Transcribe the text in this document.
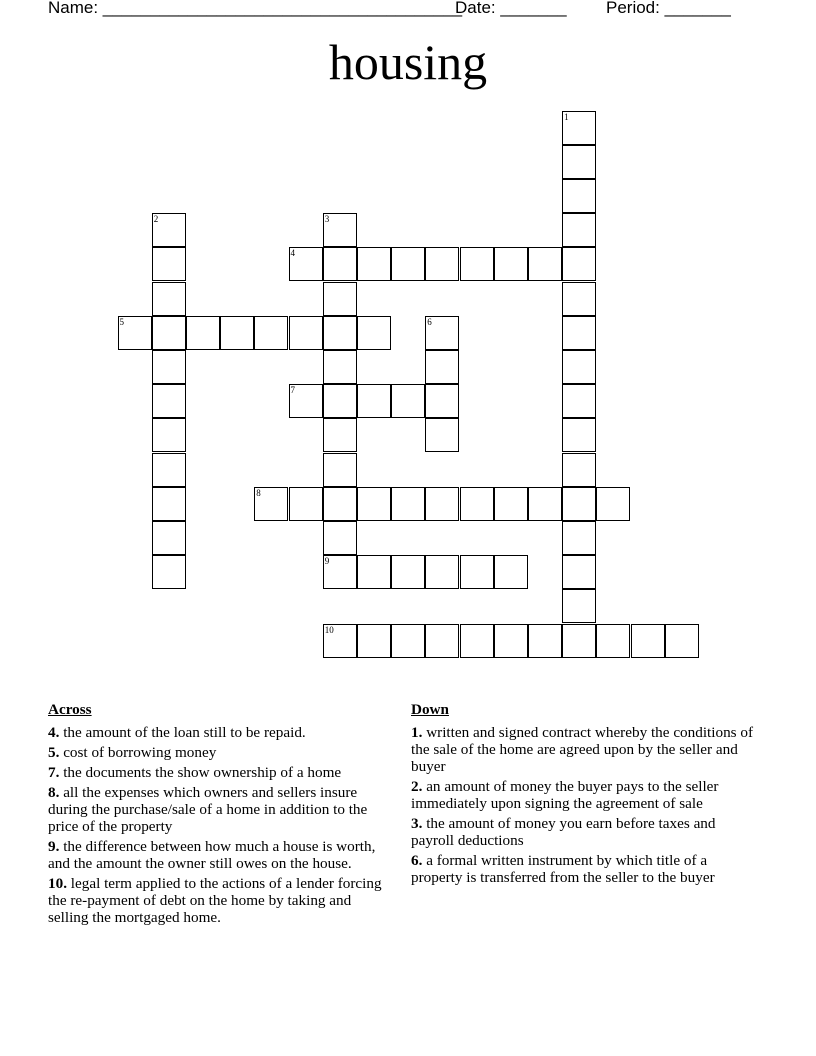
Name: ______________________________________
Date: _______ Period: _______
housing
1
2	3
4
5	6
7
8
9
10
Across
4. the amount of the loan still to be repaid.
5. cost of borrowing money
7. the documents the show ownership of a home
8. all the expenses which owners and sellers insure during the purchase/sale of a home in addition to the price of the property
9. the difference between how much a house is worth, and the amount the owner still owes on the house.
10. legal term applied to the actions of a lender forcing the re-payment of debt on the home by taking and selling the mortgaged home.
Down
1. written and signed contract whereby the conditions of the sale of the home are agreed upon by the seller and buyer
2. an amount of money the buyer pays to the seller immediately upon signing the agreement of sale
3. the amount of money you earn before taxes and payroll deductions
6. a formal written instrument by which title of a property is transferred from the seller to the buyer
